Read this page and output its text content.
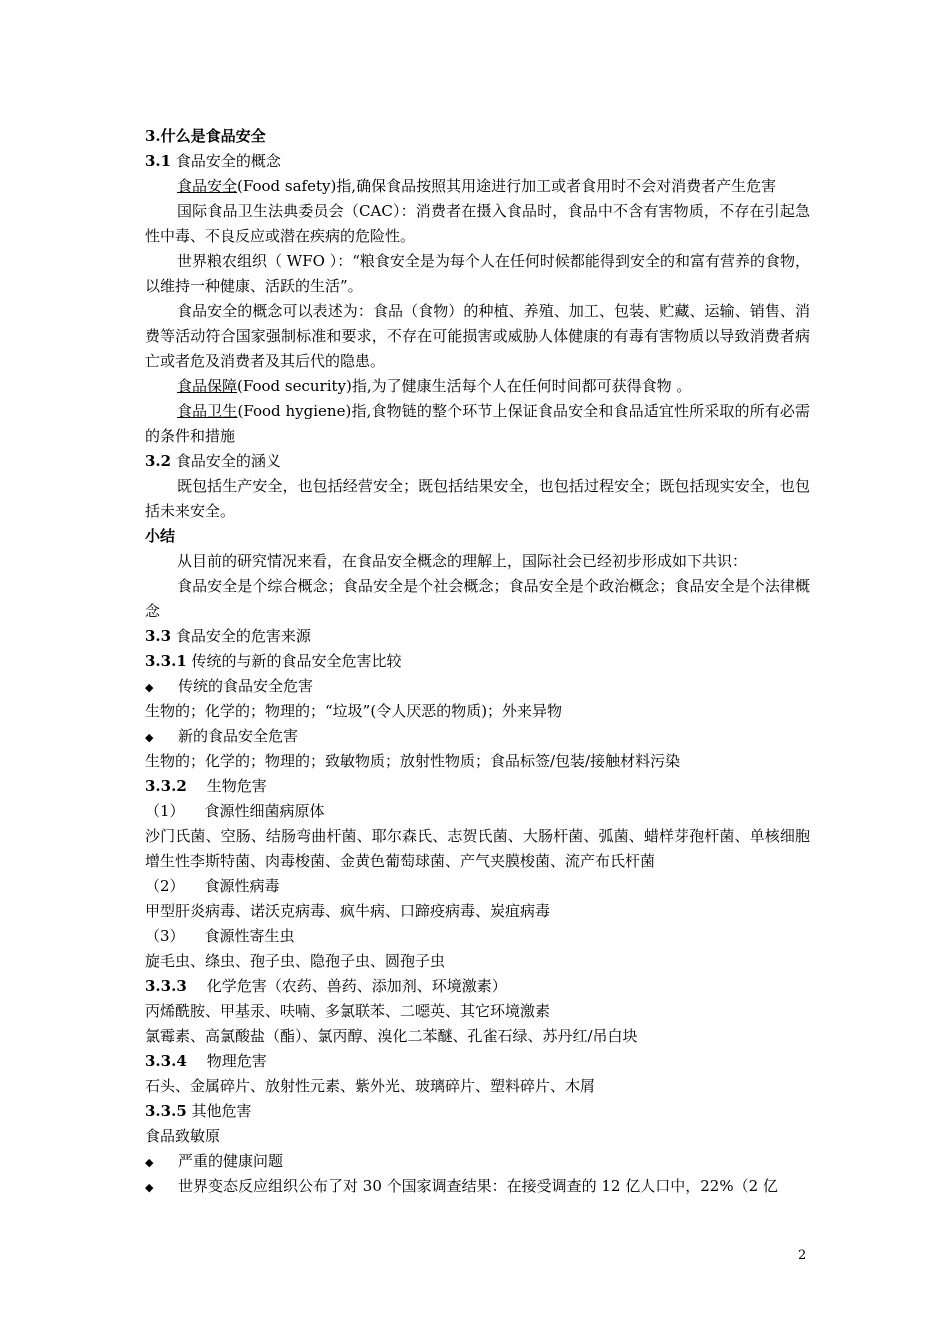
3.什么是食品安全
3.1 食品安全的概念
食品安全(Food safety)指,确保食品按照其用途进行加工或者食用时不会对消费者产生危害
国际食品卫生法典委员会（CAC）：消费者在摄入食品时，食品中不含有害物质，不存在引起急性中毒、不良反应或潜在疾病的危险性。
世界粮农组织（ WFO ）：“粮食安全是为每个人在任何时候都能得到安全的和富有营养的食物，以维持一种健康、活跃的生活”。
食品安全的概念可以表述为：食品（食物）的种植、养殖、加工、包装、贮藏、运输、销售、消费等活动符合国家强制标准和要求，不存在可能损害或威胁人体健康的有毒有害物质以导致消费者病亡或者危及消费者及其后代的隐患。
食品保障(Food security)指,为了健康生活每个人在任何时间都可获得食物 。
食品卫生(Food hygiene)指,食物链的整个环节上保证食品安全和食品适宜性所采取的所有必需的条件和措施
3.2 食品安全的涵义
既包括生产安全，也包括经营安全；既包括结果安全，也包括过程安全；既包括现实安全，也包括未来安全。
小结
从目前的研究情况来看，在食品安全概念的理解上，国际社会已经初步形成如下共识：
食品安全是个综合概念；食品安全是个社会概念；食品安全是个政治概念；食品安全是个法律概念
3.3 食品安全的危害来源
3.3.1 传统的与新的食品安全危害比较
◆ 传统的食品安全危害
生物的；化学的；物理的；“垃圾”(令人厌恶的物质)；外来异物
◆ 新的食品安全危害
生物的；化学的；物理的；致敏物质；放射性物质；食品标签/包装/接触材料污染
3.3.2 生物危害
（1） 食源性细菌病原体
沙门氏菌、空肠、结肠弯曲杆菌、耶尔森氏、志贺氏菌、大肠杆菌、弧菌、蜡样芽孢杆菌、单核细胞增生性李斯特菌、肉毒梭菌、金黄色葡萄球菌、产气夹膜梭菌、流产布氏杆菌
（2） 食源性病毒
甲型肝炎病毒、诺沃克病毒、疯牛病、口蹄疫病毒、炭疽病毒
（3） 食源性寄生虫
旋毛虫、绦虫、孢子虫、隐孢子虫、圆孢子虫
3.3.3 化学危害（农药、兽药、添加剂、环境激素）
丙烯酰胺、甲基汞、呋喃、多氯联苯、二噁英、其它环境激素
氯霉素、高氯酸盐（酯）、氯丙醇、溴化二苯醚、孔雀石绿、苏丹红/吊白块
3.3.4 物理危害
石头、金属碎片、放射性元素、紫外光、玻璃碎片、塑料碎片、木屑
3.3.5 其他危害
食品致敏原
◆ 严重的健康问题
◆ 世界变态反应组织公布了对 30 个国家调查结果：在接受调查的 12 亿人口中，22%（2 亿
2
